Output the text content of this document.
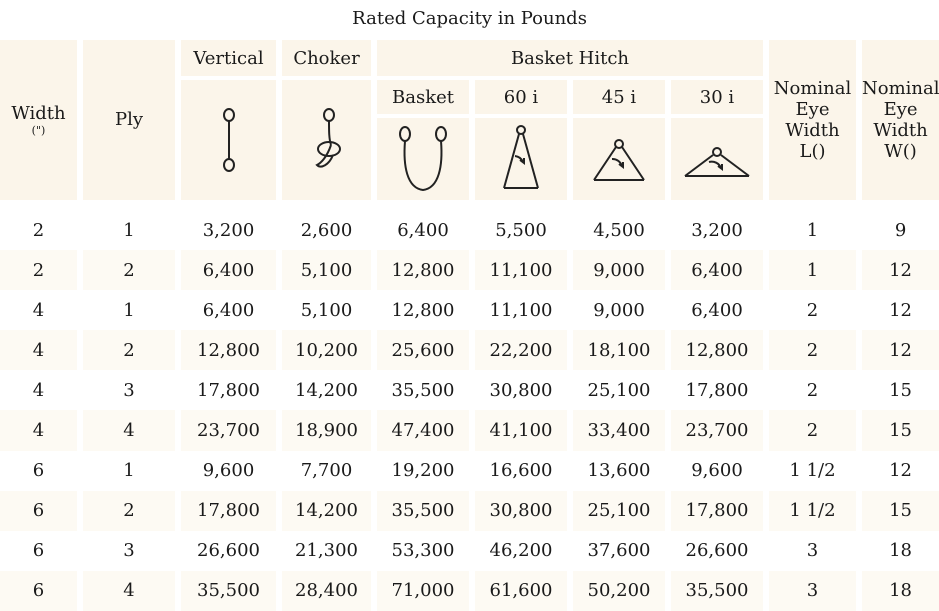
Rated Capacity in Pounds									
Width
(")	Ply	Vertical	Choker	Basket Hitch				Nominal
Eye
Width
L()	Nominal
Eye
Width
W()

	Basket	60 i	45 i	30 i		

2	1	3,200	2,600	6,400	5,500	4,500	3,200	1	9
2	2	6,400	5,100	12,800	11,100	9,000	6,400	1	12
4	1	6,400	5,100	12,800	11,100	9,000	6,400	2	12
4	2	12,800	10,200	25,600	22,200	18,100	12,800	2	12
4	3	17,800	14,200	35,500	30,800	25,100	17,800	2	15
4	4	23,700	18,900	47,400	41,100	33,400	23,700	2	15
6	1	9,600	7,700	19,200	16,600	13,600	9,600	1 1/2	12
6	2	17,800	14,200	35,500	30,800	25,100	17,800	1 1/2	15
6	3	26,600	21,300	53,300	46,200	37,600	26,600	3	18
6	4	35,500	28,400	71,000	61,600	50,200	35,500	3	18
